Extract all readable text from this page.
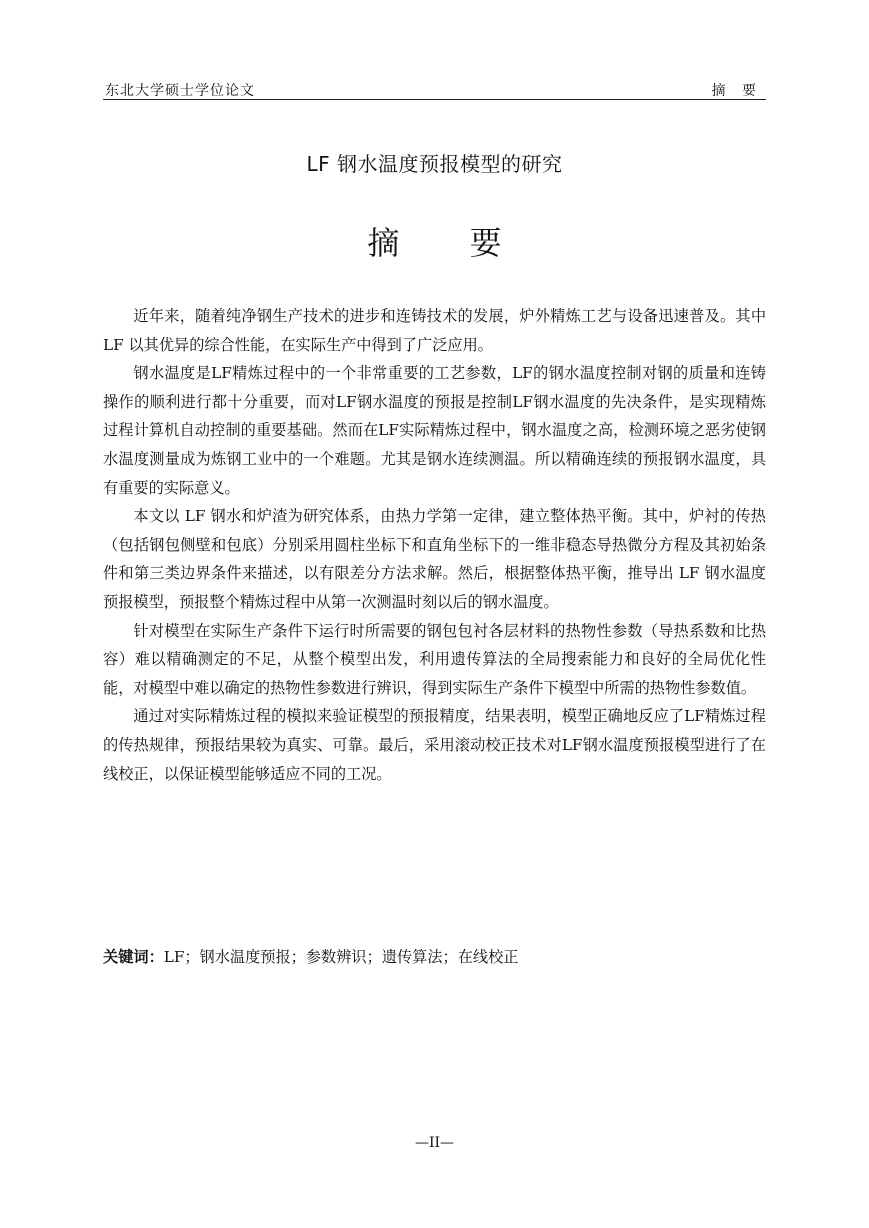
东北大学硕士学位论文	摘 要
LF 钢水温度预报模型的研究
摘 要

近年来，随着纯净钢生产技术的进步和连铸技术的发展，炉外精炼工艺与设备迅速普及。其中 LF 以其优异的综合性能，在实际生产中得到了广泛应用。

钢水温度是LF精炼过程中的一个非常重要的工艺参数，LF的钢水温度控制对钢的质量和连铸操作的顺利进行都十分重要，而对LF钢水温度的预报是控制LF钢水温度的先决条件，是实现精炼过程计算机自动控制的重要基础。然而在LF实际精炼过程中，钢水温度之高，检测环境之恶劣使钢水温度测量成为炼钢工业中的一个难题。尤其是钢水连续测温。所以精确连续的预报钢水温度，具有重要的实际意义。

本文以 LF 钢水和炉渣为研究体系，由热力学第一定律，建立整体热平衡。其中，炉衬的传热（包括钢包侧壁和包底）分别采用圆柱坐标下和直角坐标下的一维非稳态导热微分方程及其初始条件和第三类边界条件来描述，以有限差分方法求解。然后，根据整体热平衡，推导出 LF 钢水温度预报模型，预报整个精炼过程中从第一次测温时刻以后的钢水温度。

针对模型在实际生产条件下运行时所需要的钢包包衬各层材料的热物性参数（导热系数和比热容）难以精确测定的不足，从整个模型出发，利用遗传算法的全局搜索能力和良好的全局优化性能，对模型中难以确定的热物性参数进行辨识，得到实际生产条件下模型中所需的热物性参数值。

通过对实际精炼过程的模拟来验证模型的预报精度，结果表明，模型正确地反应了LF精炼过程的传热规律，预报结果较为真实、可靠。最后，采用滚动校正技术对LF钢水温度预报模型进行了在线校正，以保证模型能够适应不同的工况。

关键词：LF；钢水温度预报；参数辨识；遗传算法；在线校正
—II—
